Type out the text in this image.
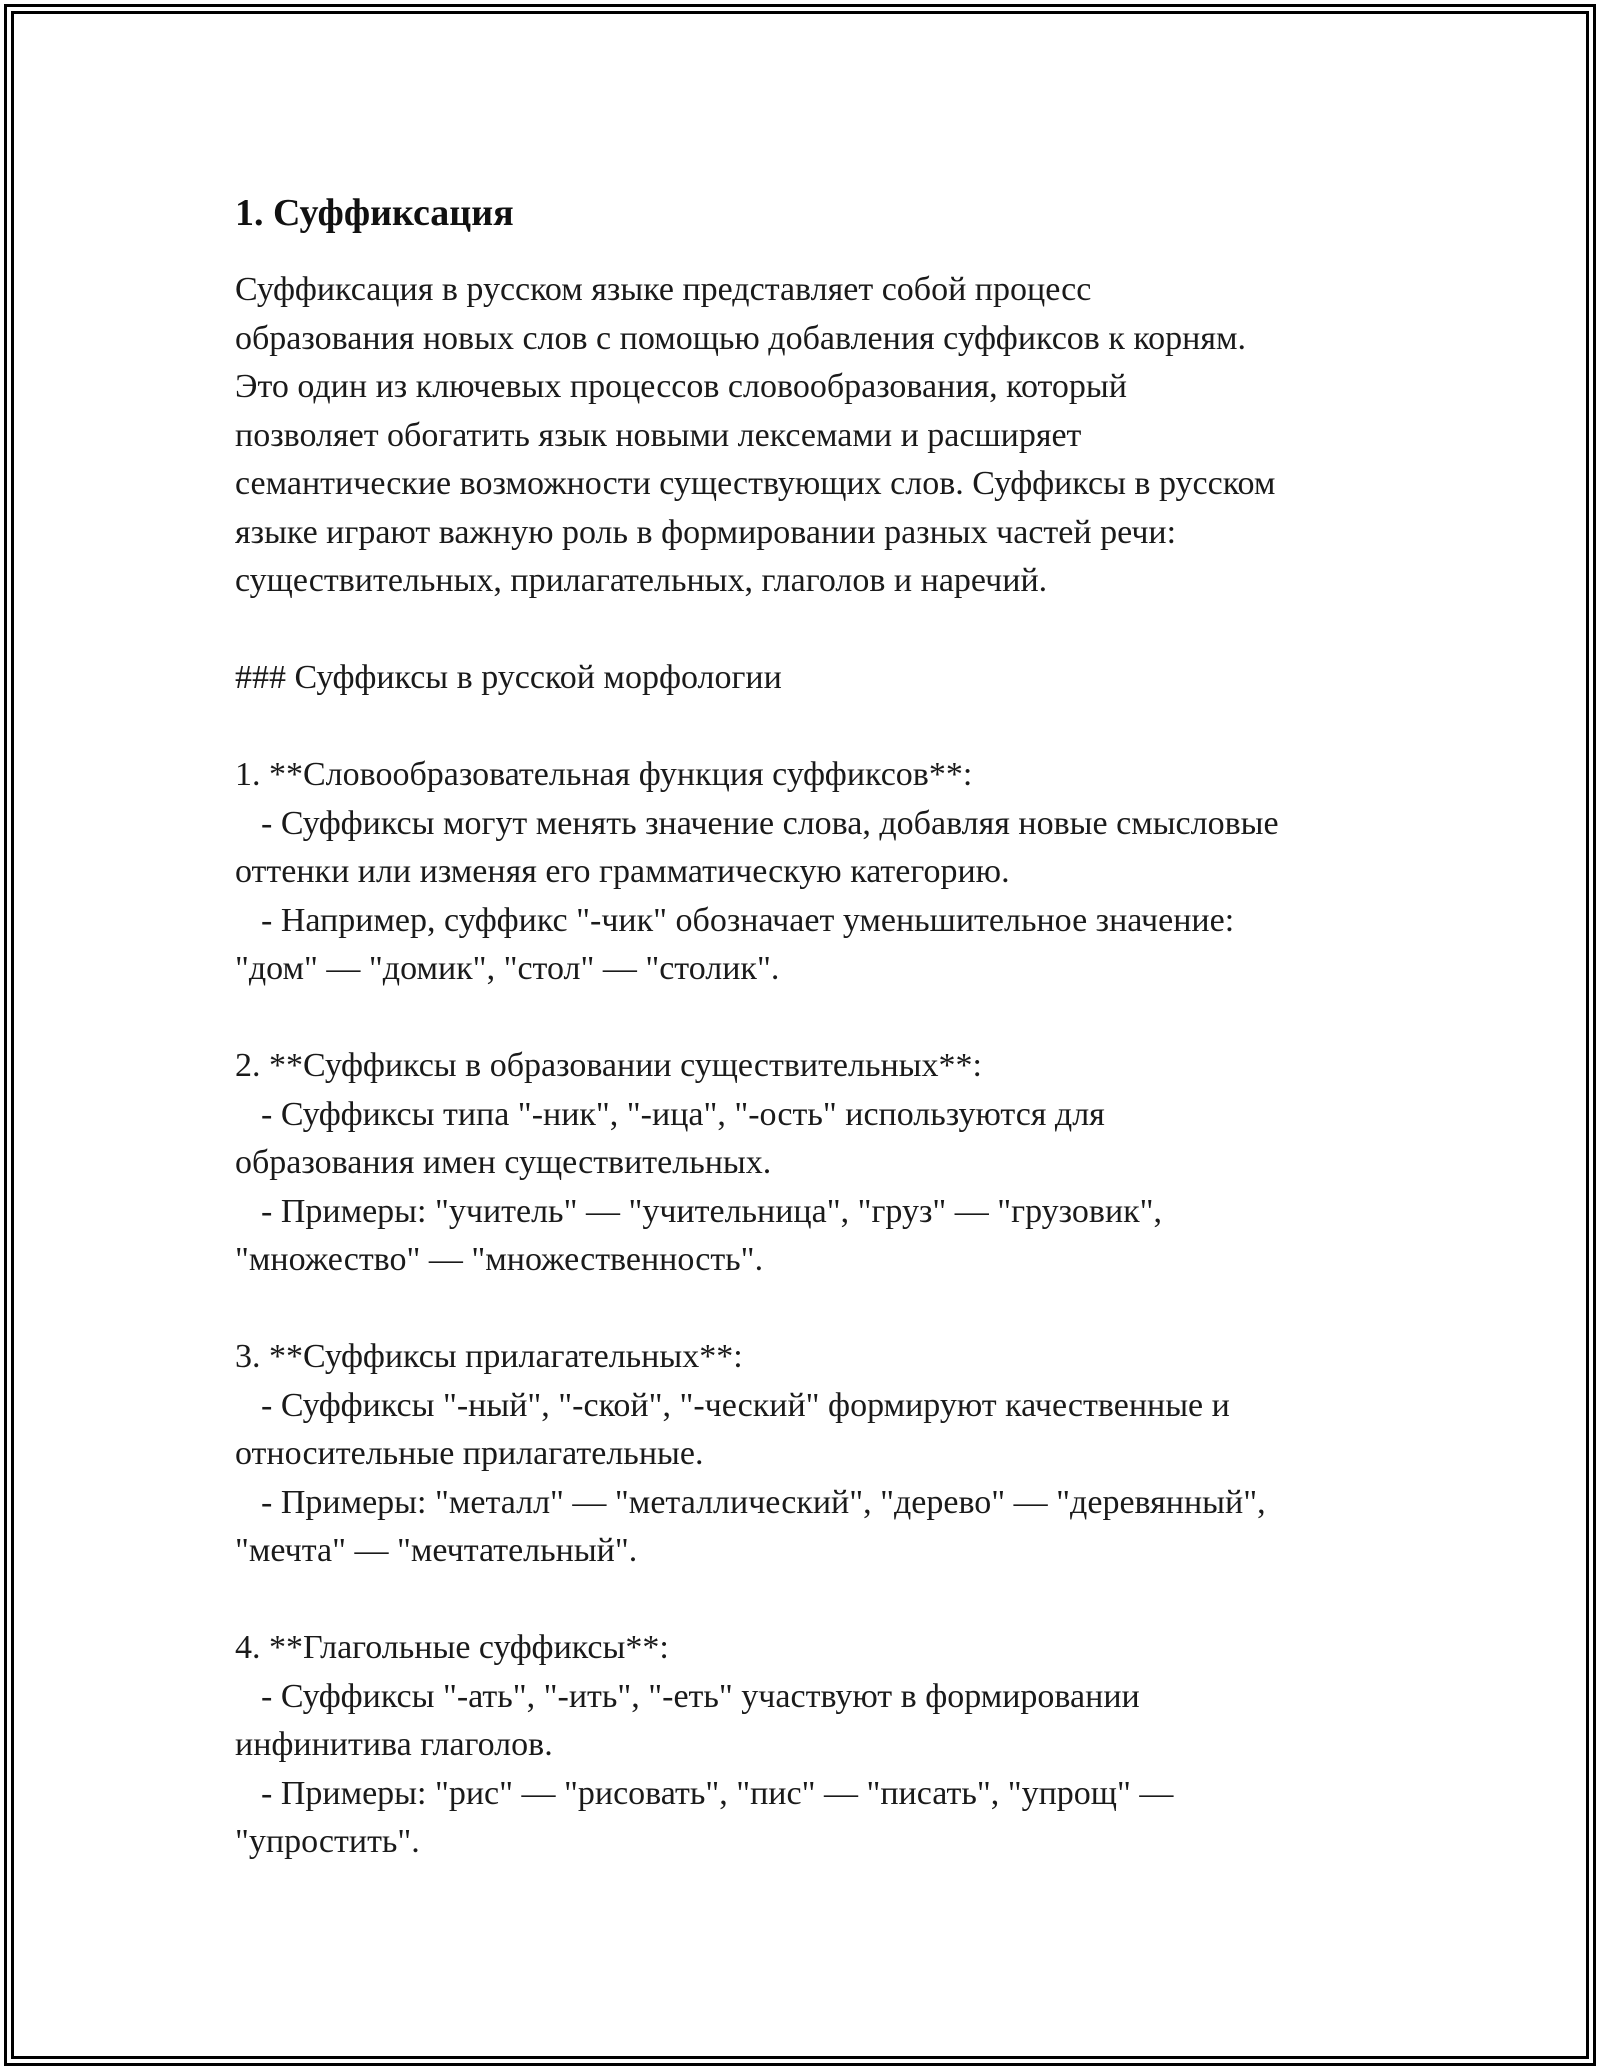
1. Суффиксация
Суффиксация в русском языке представляет собой процесс
образования новых слов с помощью добавления суффиксов к корням.
Это один из ключевых процессов словообразования, который
позволяет обогатить язык новыми лексемами и расширяет
семантические возможности существующих слов. Суффиксы в русском
языке играют важную роль в формировании разных частей речи:
существительных, прилагательных, глаголов и наречий.
### Суффиксы в русской морфологии
1. **Словообразовательная функция суффиксов**:
- Суффиксы могут менять значение слова, добавляя новые смысловые
оттенки или изменяя его грамматическую категорию.
- Например, суффикс "-чик" обозначает уменьшительное значение:
"дом" — "домик", "стол" — "столик".
2. **Суффиксы в образовании существительных**:
- Суффиксы типа "-ник", "-ица", "-ость" используются для
образования имен существительных.
- Примеры: "учитель" — "учительница", "груз" — "грузовик",
"множество" — "множественность".
3. **Суффиксы прилагательных**:
- Суффиксы "-ный", "-ской", "-ческий" формируют качественные и
относительные прилагательные.
- Примеры: "металл" — "металлический", "дерево" — "деревянный",
"мечта" — "мечтательный".
4. **Глагольные суффиксы**:
- Суффиксы "-ать", "-ить", "-еть" участвуют в формировании
инфинитива глаголов.
- Примеры: "рис" — "рисовать", "пис" — "писать", "упрощ" —
"упростить".
